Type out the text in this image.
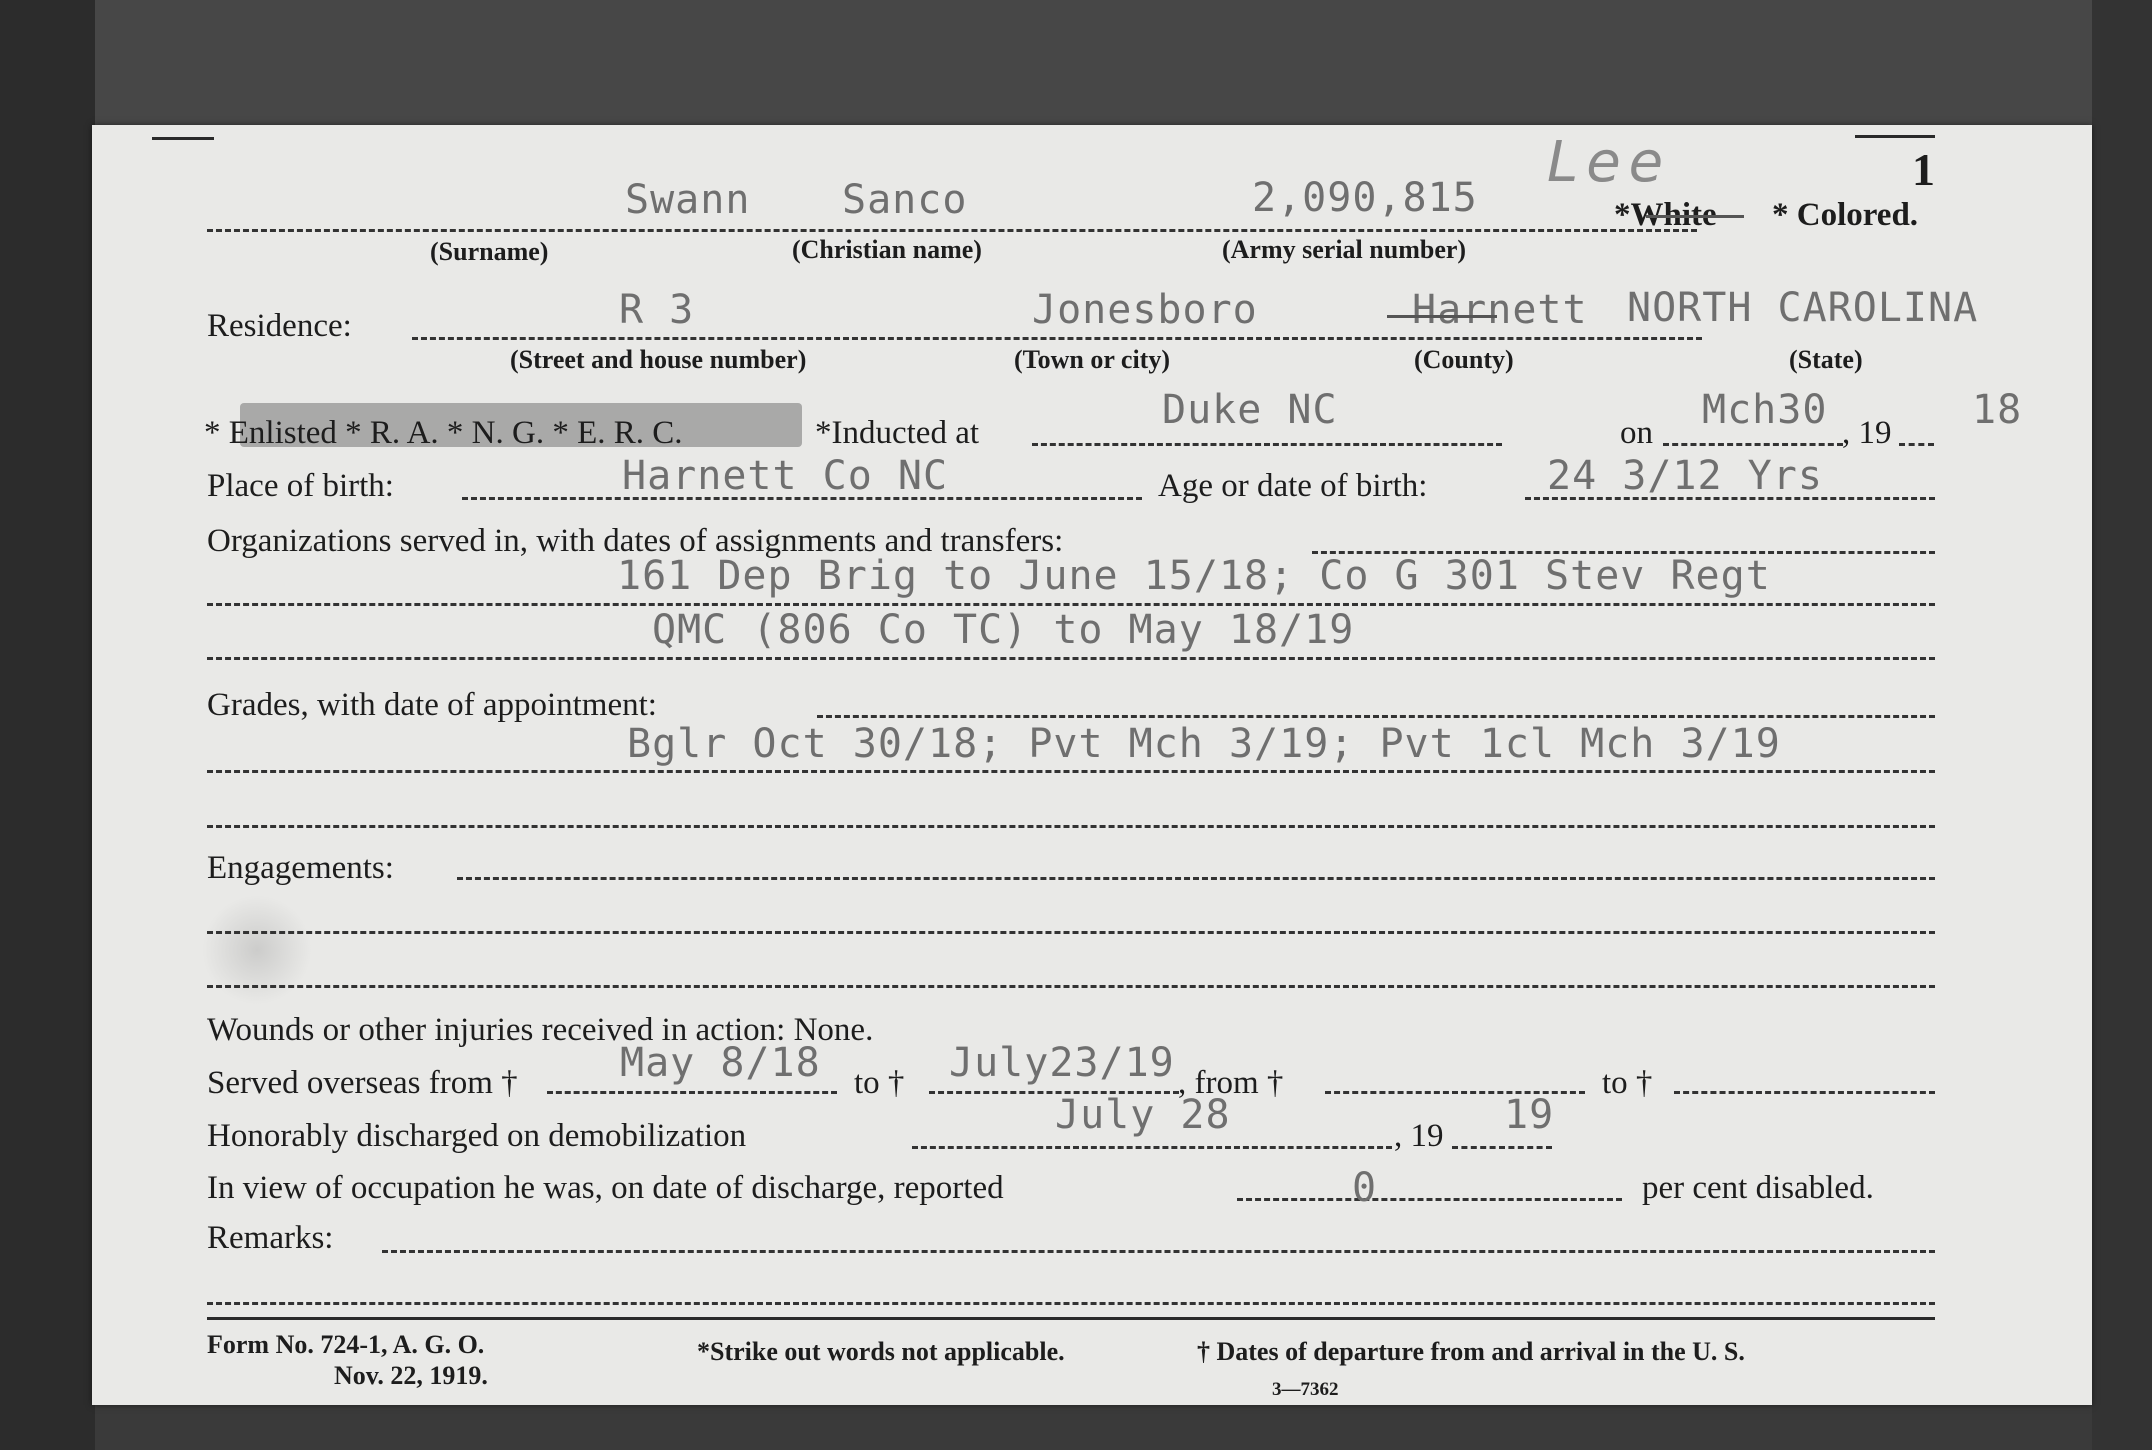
1
Lee
Swann Sanco	2,090,815	*White * Colored.
(Surname)	(Christian name)	(Army serial number)
Residence:	R 3	Jonesboro	Harnett NORTH CAROLINA
(Street and house number)	(Town or city)	(County)	(State)
* Enlisted * R. A. * N. G. * E. R. C.	*Inducted at	Duke NC	on Mch30 , 19 18
Place of birth:	Harnett Co NC	Age or date of birth:	24 3/12 Yrs
Organizations served in, with dates of assignments and transfers:
161 Dep Brig to June 15/18; Co G 301 Stev Regt
QMC (806 Co TC) to May 18/19
Grades, with date of appointment:
Bglr Oct 30/18; Pvt Mch 3/19; Pvt 1cl Mch 3/19
Engagements:
Wounds or other injuries received in action: None.
Served overseas from †	May 8/18 to † July23/19 , from †	to †
Honorably discharged on demobilization	July 28	, 19 19
In view of occupation he was, on date of discharge, reported	0	per cent disabled.
Remarks:
Form No. 724-1, A. G. O.
Nov. 22, 1919.
*Strike out words not applicable.	† Dates of departure from and arrival in the U. S.
3—7362
